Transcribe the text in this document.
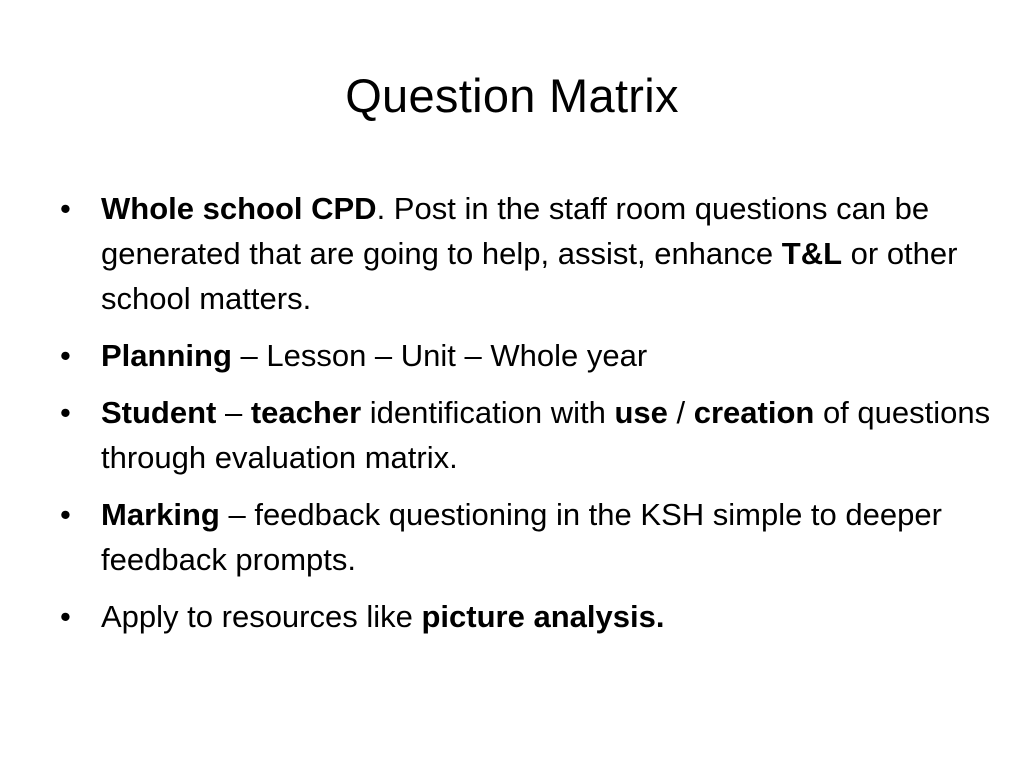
Question Matrix
• Whole school CPD. Post in the staff room questions can be generated that are going to help, assist, enhance T&L or other school matters.
• Planning – Lesson – Unit – Whole year
• Student – teacher identification with use / creation of questions through evaluation matrix.
• Marking – feedback questioning in the KSH simple to deeper feedback prompts.
• Apply to resources like picture analysis.
